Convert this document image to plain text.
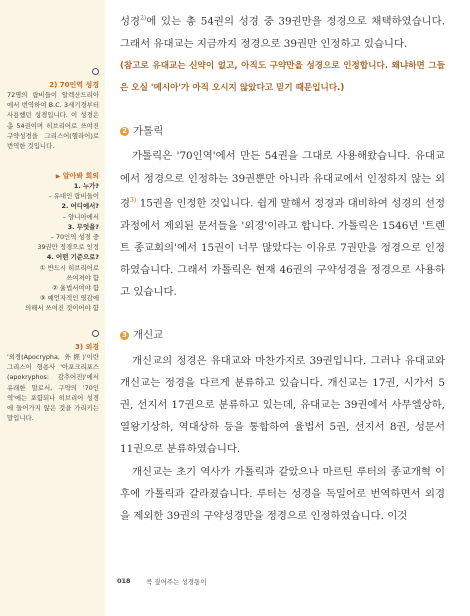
2) 70인역 성경
72명의 랍비들이 알렉산드리아에서 번역하여 B.C. 3세기경부터 사용했던 성경입니다. 이 성경은 총 54권이며 히브리어로 쓰여진 구약성경을 그리스어(헬라어)로 번역한 것입니다.
▶ 알아봐 회의
1. 누가?
– 유대인 랍비들이
2. 어디에서?
– 얌니아에서
3. 무엇을?
– 70인역 성경 중
39권만 정경으로 인정
4. 어떤 기준으로?
① 반드시 히브리어로
쓰여져야 함
② 율법서여야 함
③ 예언자적인 영감에
의해서 쓰여진 것이어야 함
3) 외경
'외경(Apocrypha, 外經)'이란 그리스어 형용사 '아포크리포스(apokryphos: 감추어진)'에서 유래한 말로서, 구약의 '70인역'에는 포함되나 히브리어 성경에 들어가지 않은 것을 가리키는 말입니다.

성경$^{2)}$에 있는 총 54권의 성경 중 39권만을 정경으로 채택하였습니다. 그래서 유대교는 지금까지 정경으로 39권만 인정하고 있습니다.

(참고로 유대교는 신약이 없고, 아직도 구약만을 성경으로 인정합니다. 왜냐하면 그들은 오실 '메시아'가 아직 오시지 않았다고 믿기 때문입니다.)

2 가톨릭

가톨릭은 '70인역'에서 만든 54권을 그대로 사용해왔습니다. 유대교에서 정경으로 인정하는 39권뿐만 아니라 유대교에서 인정하지 않는 외경$^{3)}$ 15권을 인정한 것입니다. 쉽게 말해서 정경과 대비하여 성경의 선정과정에서 제외된 문서들을 '외경'이라고 합니다. 가톨릭은 1546년 '트렌트 종교회의'에서 15권이 너무 많았다는 이유로 7권만을 정경으로 인정하였습니다. 그래서 가톨릭은 현재 46권의 구약성경을 정경으로 사용하고 있습니다.

3 개신교

개신교의 정경은 유대교와 마찬가지로 39권입니다. 그러나 유대교와 개신교는 정경을 다르게 분류하고 있습니다. 개신교는 17권, 시가서 5권, 선지서 17권으로 분류하고 있는데, 유대교는 39권에서 사무엘상하, 열왕기상하, 역대상하 등을 통합하여 율법서 5권, 선지서 8권, 성문서 11권으로 분류하였습니다.

개신교는 초기 역사가 가톨릭과 같았으나 마르틴 루터의 종교개혁 이후에 가톨릭과 갈라졌습니다. 루터는 성경을 독일어로 번역하면서 외경을 제외한 39권의 구약성경만을 정경으로 인정하였습니다. 이것

018 콕 짚어주는 성경통이
